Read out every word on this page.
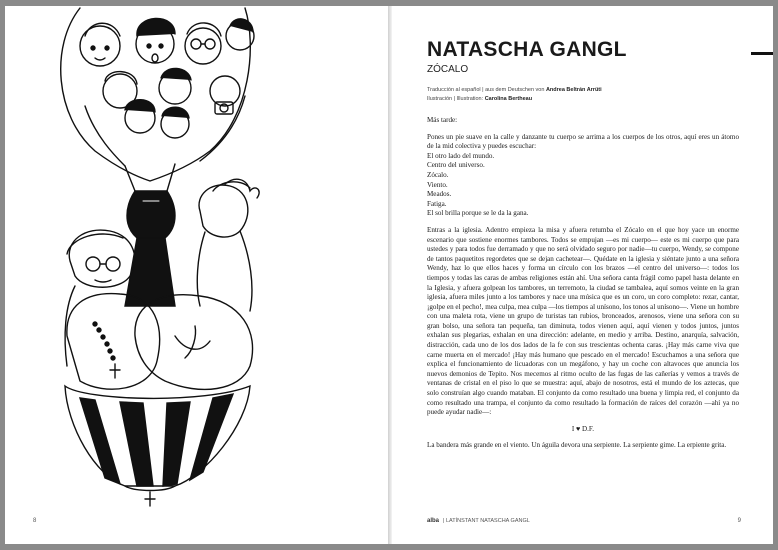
8
NATASCHA GANGL
ZÓCALO
Traducción al español | aus dem Deutschen von Andrea Beltrán Arrüti
Ilustración | Illustration: Carolina Bertheau

Más tarde:

Pones un pie suave en la calle y danzante tu cuerpo se arrima a los cuerpos de los otros, aquí eres un átomo de la mid colectiva y puedes escuchar:
El otro lado del mundo.
Centro del universo.
Zócalo.
Viento.
Meados.
Fatiga.
El sol brilla porque se le da la gana.

Entras a la iglesia. Adentro empieza la misa y afuera retumba el Zócalo en el que hoy yace un enorme escenario que sostiene enormes tambores. Todos se empujan —es mi cuerpo— este es mi cuerpo que para ustedes y para todos fue derramado y que no será olvidado seguro por nadie—tu cuerpo, Wendy, se compone de tantos paquetitos regordetes que se dejan cachetear—. Quédate en la iglesia y siéntate junto a una señora Wendy, haz lo que ellos haces y forma un círculo con los brazos —el centro del universo—: todos los tiempos y todas las caras de ambas religiones están ahí. Una señora canta frágil como papel hasta delante en la Iglesia, y afuera golpean los tambores, un terremoto, la ciudad se tambalea, aquí somos veinte en la gran iglesia, afuera miles junto a los tambores y nace una música que es un coro, un coro completo: rezar, cantar, ¡golpe en el pecho!, mea culpa, mea culpa —los tiempos al unísono, los tonos al unísono—. Viene un hombre con una maleta rota, viene un grupo de turistas tan rubios, bronceados, arenosos, viene una señora con su gran bolso, una señora tan pequeña, tan diminuta, todos vienen aquí, aquí vienen y todos juntos, juntos exhalan sus plegarias, exhalan en una dirección: adelante, en medio y arriba. Destino, anarquía, salvación, distracción, cada uno de los dos lados de la fe con sus trescientas ochenta caras. ¡Hay más carne viva que carne muerta en el mercado! ¡Hay más humano que pescado en el mercado! Escuchamos a una señora que explica el funcionamiento de licuadoras con un megáfono, y hay un coche con altavoces que anuncia los nuevos demonios de Tepito. Nos mecemos al ritmo oculto de las fugas de las cañerías y vemos a través de ventanas de cristal en el piso lo que se muestra: aquí, abajo de nosotros, está el mundo de los aztecas, que solo construían algo cuando mataban. El conjunto da como resultado una buena y limpia red, el conjunto da como resultado una trampa, el conjunto da como resultado la formación de raíces del corazón —ahí ya no puede ayudar nadie—:

I ♥ D.F.

La bandera más grande en el viento. Un águila devora una serpiente. La serpiente gime. La erpiente grita.

alba | LATÍNSTANT NATASCHA GANGL	9
